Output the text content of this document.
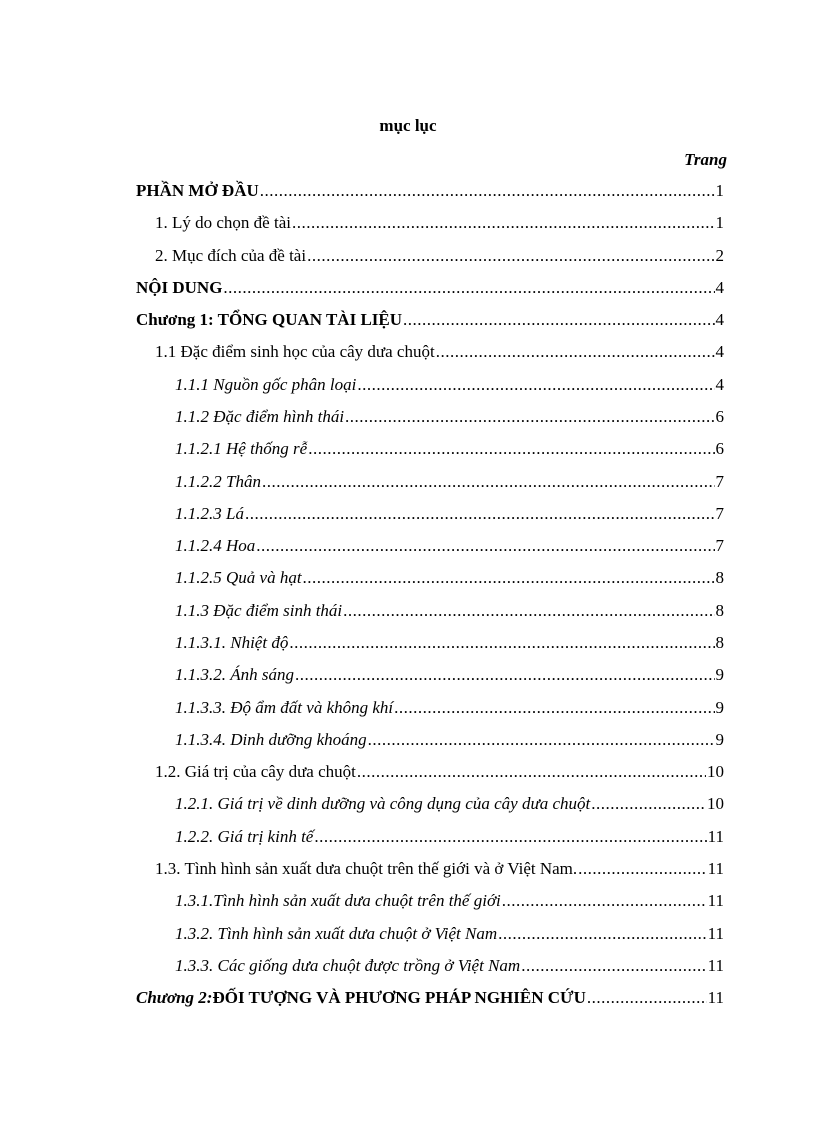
mục lục
Trang
PHẦN MỞ ĐẦU .....	1
1. Lý do chọn đề tài .....	1
2. Mục đích của đề tài .....	2
NỘI DUNG .....	4
Chương 1: TỔNG QUAN TÀI LIỆU .....	4
1.1 Đặc điểm sinh học của cây dưa chuột .....	4
1.1.1 Nguồn gốc phân loại .....	4
1.1.2 Đặc điểm hình thái .....	6
1.1.2.1 Hệ thống rễ .....	6
1.1.2.2 Thân .....	7
1.1.2.3 Lá .....	7
1.1.2.4 Hoa .....	7
1.1.2.5 Quả và hạt .....	8
1.1.3 Đặc điểm sinh thái .....	8
1.1.3.1. Nhiệt độ .....	8
1.1.3.2. Ánh sáng .....	9
1.1.3.3. Độ ẩm đất và không khí .....	9
1.1.3.4. Dinh dưỡng khoáng .....	9
1.2. Giá trị của cây dưa chuột .....	10
1.2.1. Giá trị về dinh dưỡng và công dụng của cây dưa chuột .....	10
1.2.2. Giá trị kinh tế .....	11
1.3. Tình hình sản xuất dưa chuột trên thế giới và ở Việt Nam. .....	11
1.3.1.Tình hình sản xuất dưa chuột trên thế giới .....	11
1.3.2. Tình hình sản xuất dưa chuột ở Việt Nam .....	11
1.3.3. Các giống dưa chuột được trồng ở Việt Nam .....	11
Chương 2: ĐỐI TƯỢNG VÀ PHƯƠNG PHÁP NGHIÊN CỨU .....	11
